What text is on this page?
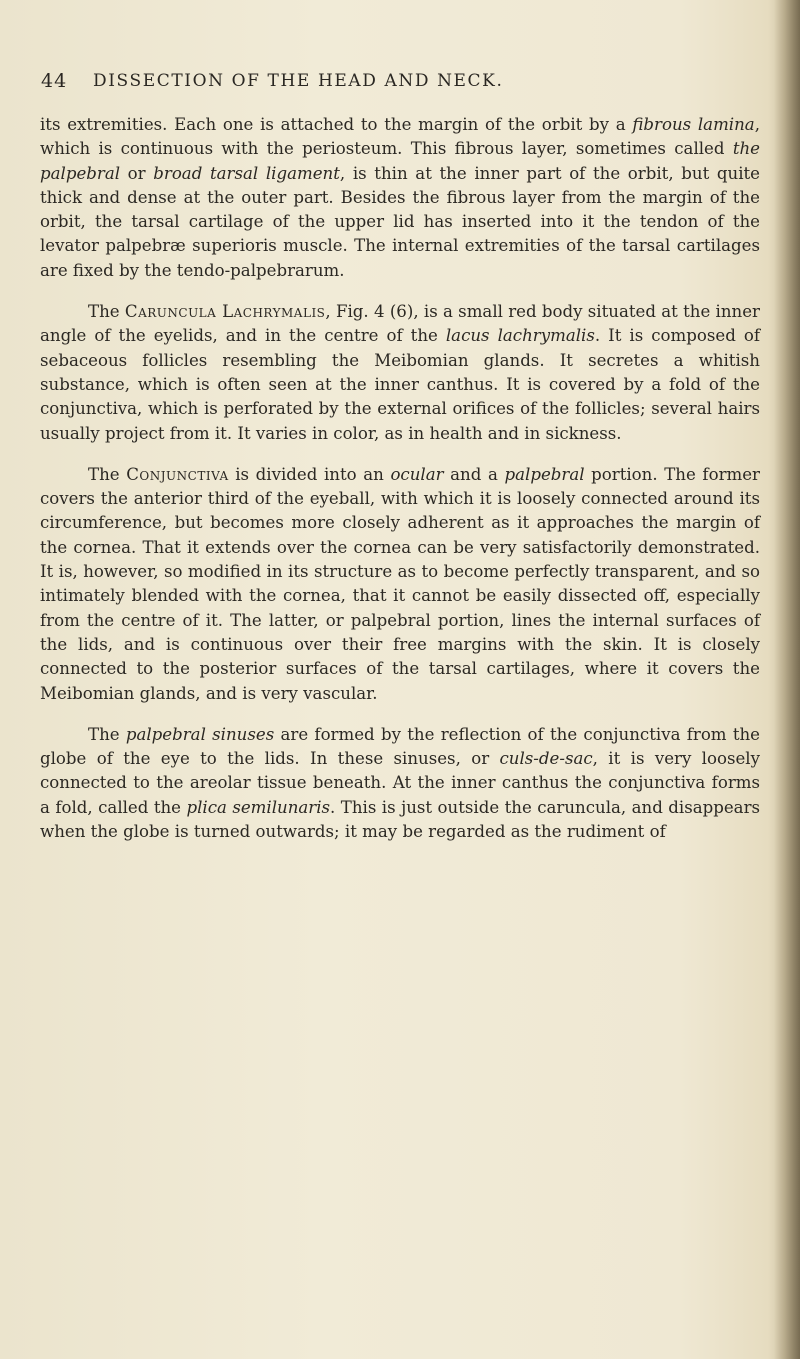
44 DISSECTION OF THE HEAD AND NECK.

its extremities. Each one is attached to the margin of the orbit by a fibrous lamina, which is continuous with the periosteum. This fibrous layer, sometimes called the palpebral or broad tarsal ligament, is thin at the inner part of the orbit, but quite thick and dense at the outer part. Besides the fibrous layer from the margin of the orbit, the tarsal cartilage of the upper lid has inserted into it the tendon of the levator palpebræ superioris muscle. The internal extremities of the tarsal cartilages are fixed by the tendo-palpebrarum.

The Caruncula Lachrymalis, Fig. 4 (6), is a small red body situated at the inner angle of the eyelids, and in the centre of the lacus lachrymalis. It is composed of sebaceous follicles resembling the Meibomian glands. It secretes a whitish substance, which is often seen at the inner canthus. It is covered by a fold of the conjunctiva, which is perforated by the external orifices of the follicles; several hairs usually project from it. It varies in color, as in health and in sickness.

The Conjunctiva is divided into an ocular and a palpebral portion. The former covers the anterior third of the eyeball, with which it is loosely connected around its circumference, but becomes more closely adherent as it approaches the margin of the cornea. That it extends over the cornea can be very satisfactorily demonstrated. It is, however, so modified in its structure as to become perfectly transparent, and so intimately blended with the cornea, that it cannot be easily dissected off, especially from the centre of it. The latter, or palpebral portion, lines the internal surfaces of the lids, and is continuous over their free margins with the skin. It is closely connected to the posterior surfaces of the tarsal cartilages, where it covers the Meibomian glands, and is very vascular.

The palpebral sinuses are formed by the reflection of the conjunctiva from the globe of the eye to the lids. In these sinuses, or culs-de-sac, it is very loosely connected to the areolar tissue beneath. At the inner canthus the conjunctiva forms a fold, called the plica semilunaris. This is just outside the caruncula, and disappears when the globe is turned outwards; it may be regarded as the rudiment of
